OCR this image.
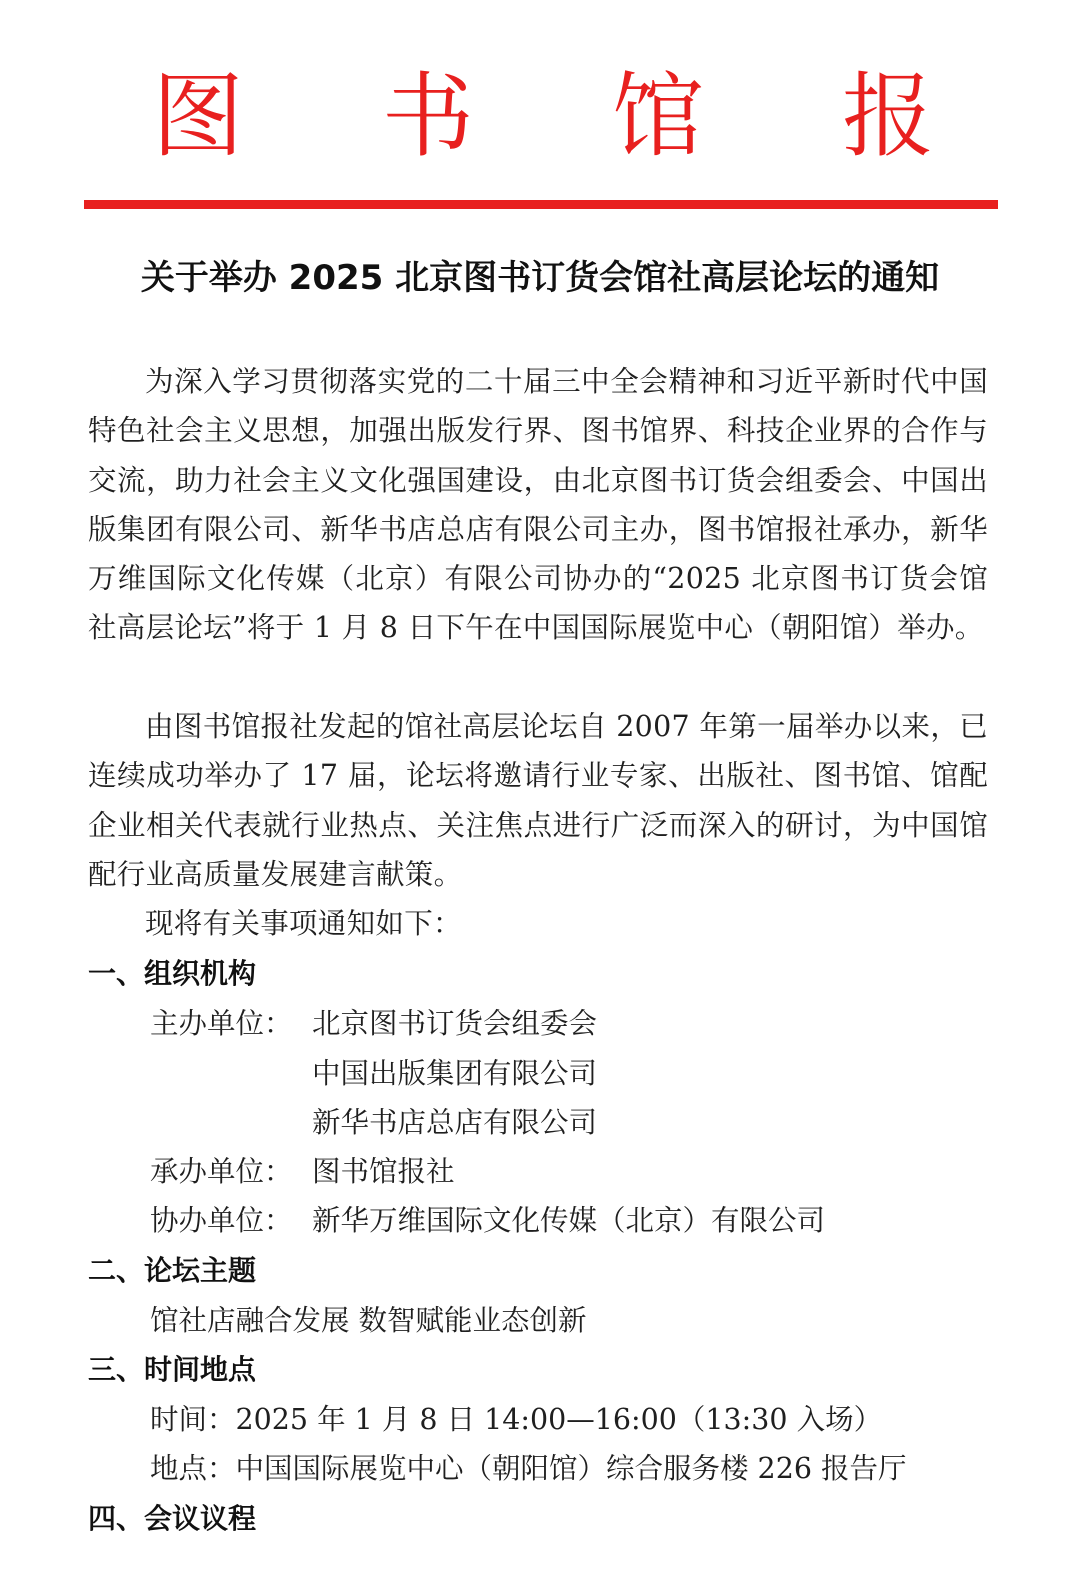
图 书 馆 报
关于举办 2025 北京图书订货会馆社高层论坛的通知

为深入学习贯彻落实党的二十届三中全会精神和习近平新时代中国特色社会主义思想，加强出版发行界、图书馆界、科技企业界的合作与交流，助力社会主义文化强国建设，由北京图书订货会组委会、中国出版集团有限公司、新华书店总店有限公司主办，图书馆报社承办，新华万维国际文化传媒（北京）有限公司协办的“2025 北京图书订货会馆社高层论坛”将于 1 月 8 日下午在中国国际展览中心（朝阳馆）举办。

由图书馆报社发起的馆社高层论坛自 2007 年第一届举办以来，已连续成功举办了 17 届，论坛将邀请行业专家、出版社、图书馆、馆配企业相关代表就行业热点、关注焦点进行广泛而深入的研讨，为中国馆配行业高质量发展建言献策。

现将有关事项通知如下：

一、组织机构
主办单位： 北京图书订货会组委会
中国出版集团有限公司
新华书店总店有限公司
承办单位： 图书馆报社
协办单位： 新华万维国际文化传媒（北京）有限公司
二、论坛主题
馆社店融合发展 数智赋能业态创新
三、时间地点
时间：2025 年 1 月 8 日 14:00—16:00（13:30 入场）
地点：中国国际展览中心（朝阳馆）综合服务楼 226 报告厅
四、会议议程
